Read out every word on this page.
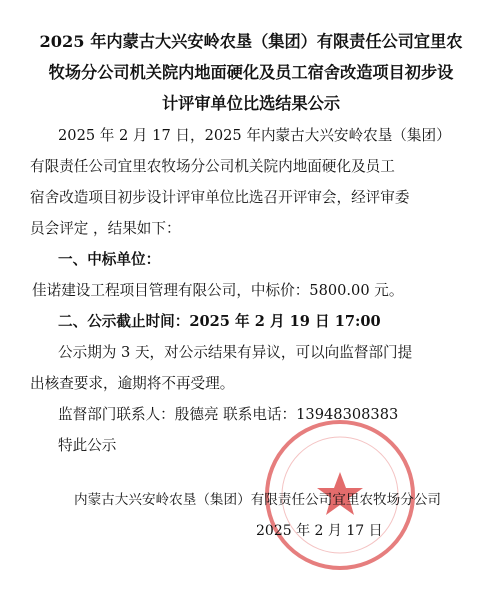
2025 年内蒙古大兴安岭农垦（集团）有限责任公司宜里农
牧场分公司机关院内地面硬化及员工宿舍改造项目初步设
计评审单位比选结果公示
2025 年 2 月 17 日，2025 年内蒙古大兴安岭农垦（集团）
有限责任公司宜里农牧场分公司机关院内地面硬化及员工
宿舍改造项目初步设计评审单位比选召开评审会，经评审委
员会评定 ，结果如下：
一、中标单位：
佳诺建设工程项目管理有限公司，中标价：5800.00 元。
二、公示截止时间：2025 年 2 月 19 日 17:00
公示期为 3 天，对公示结果有异议，可以向监督部门提
出核查要求，逾期将不再受理。
监督部门联系人：殷德亮 联系电话：13948308383
特此公示
内蒙古大兴安岭农垦（集团）有限责任公司宜里农牧场分公司
2025 年 2 月 17 日
